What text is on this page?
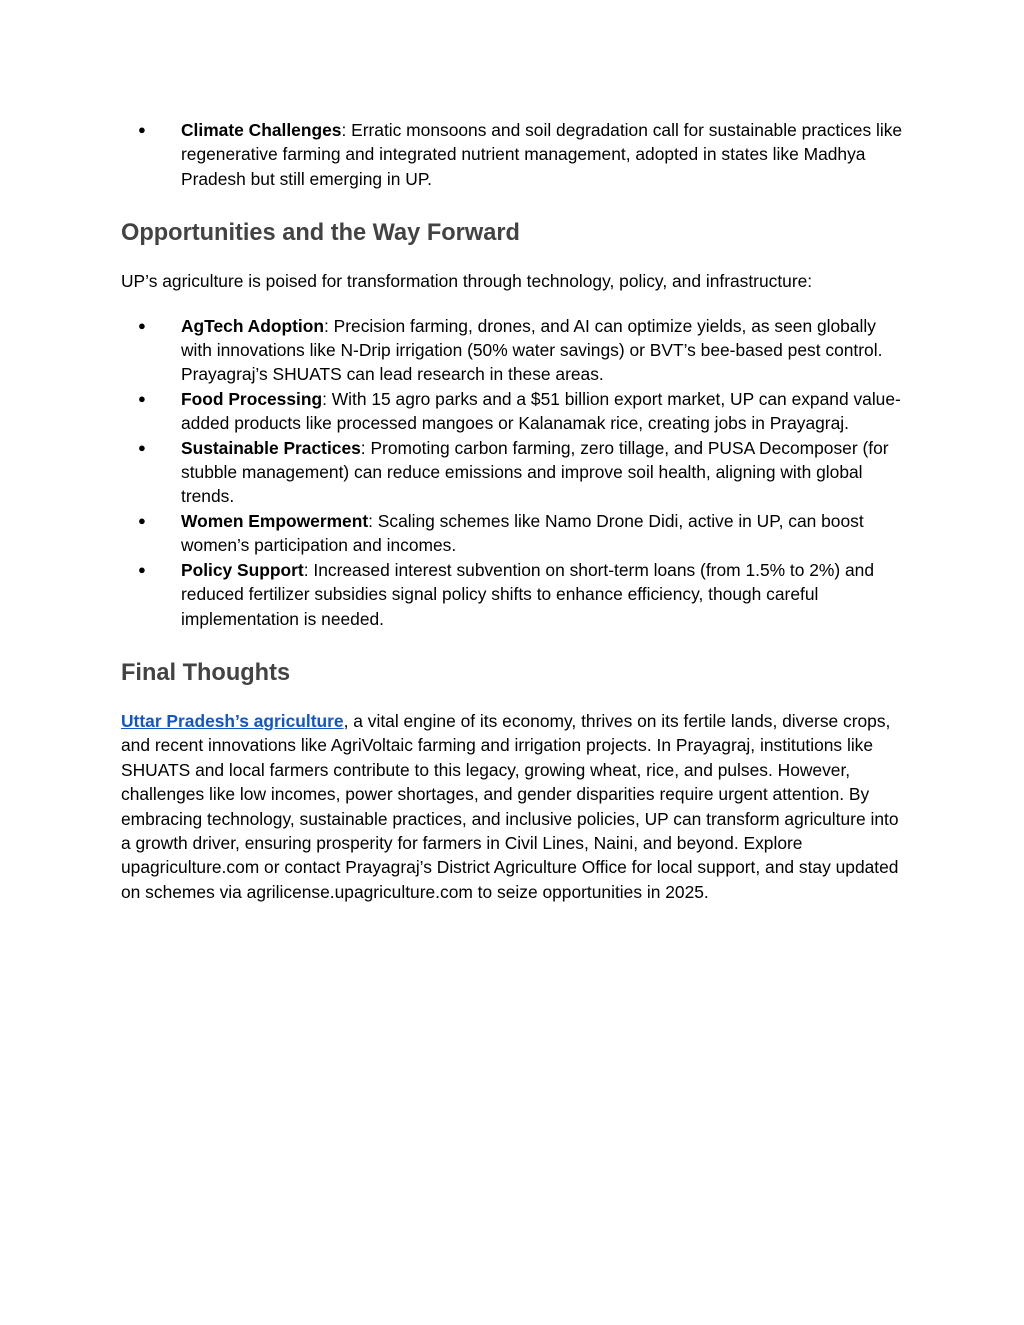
● Climate Challenges: Erratic monsoons and soil degradation call for sustainable practices like regenerative farming and integrated nutrient management, adopted in states like Madhya Pradesh but still emerging in UP.
Opportunities and the Way Forward

UP’s agriculture is poised for transformation through technology, policy, and infrastructure:

● AgTech Adoption: Precision farming, drones, and AI can optimize yields, as seen globally with innovations like N-Drip irrigation (50% water savings) or BVT’s bee-based pest control. Prayagraj’s SHUATS can lead research in these areas.
● Food Processing: With 15 agro parks and a $51 billion export market, UP can expand value-added products like processed mangoes or Kalanamak rice, creating jobs in Prayagraj.
● Sustainable Practices: Promoting carbon farming, zero tillage, and PUSA Decomposer (for stubble management) can reduce emissions and improve soil health, aligning with global trends.
● Women Empowerment: Scaling schemes like Namo Drone Didi, active in UP, can boost women’s participation and incomes.
● Policy Support: Increased interest subvention on short-term loans (from 1.5% to 2%) and reduced fertilizer subsidies signal policy shifts to enhance efficiency, though careful implementation is needed.
Final Thoughts

Uttar Pradesh’s agriculture, a vital engine of its economy, thrives on its fertile lands, diverse crops, and recent innovations like AgriVoltaic farming and irrigation projects. In Prayagraj, institutions like SHUATS and local farmers contribute to this legacy, growing wheat, rice, and pulses. However, challenges like low incomes, power shortages, and gender disparities require urgent attention. By embracing technology, sustainable practices, and inclusive policies, UP can transform agriculture into a growth driver, ensuring prosperity for farmers in Civil Lines, Naini, and beyond. Explore upagriculture.com or contact Prayagraj’s District Agriculture Office for local support, and stay updated on schemes via agrilicense.upagriculture.com to seize opportunities in 2025.
